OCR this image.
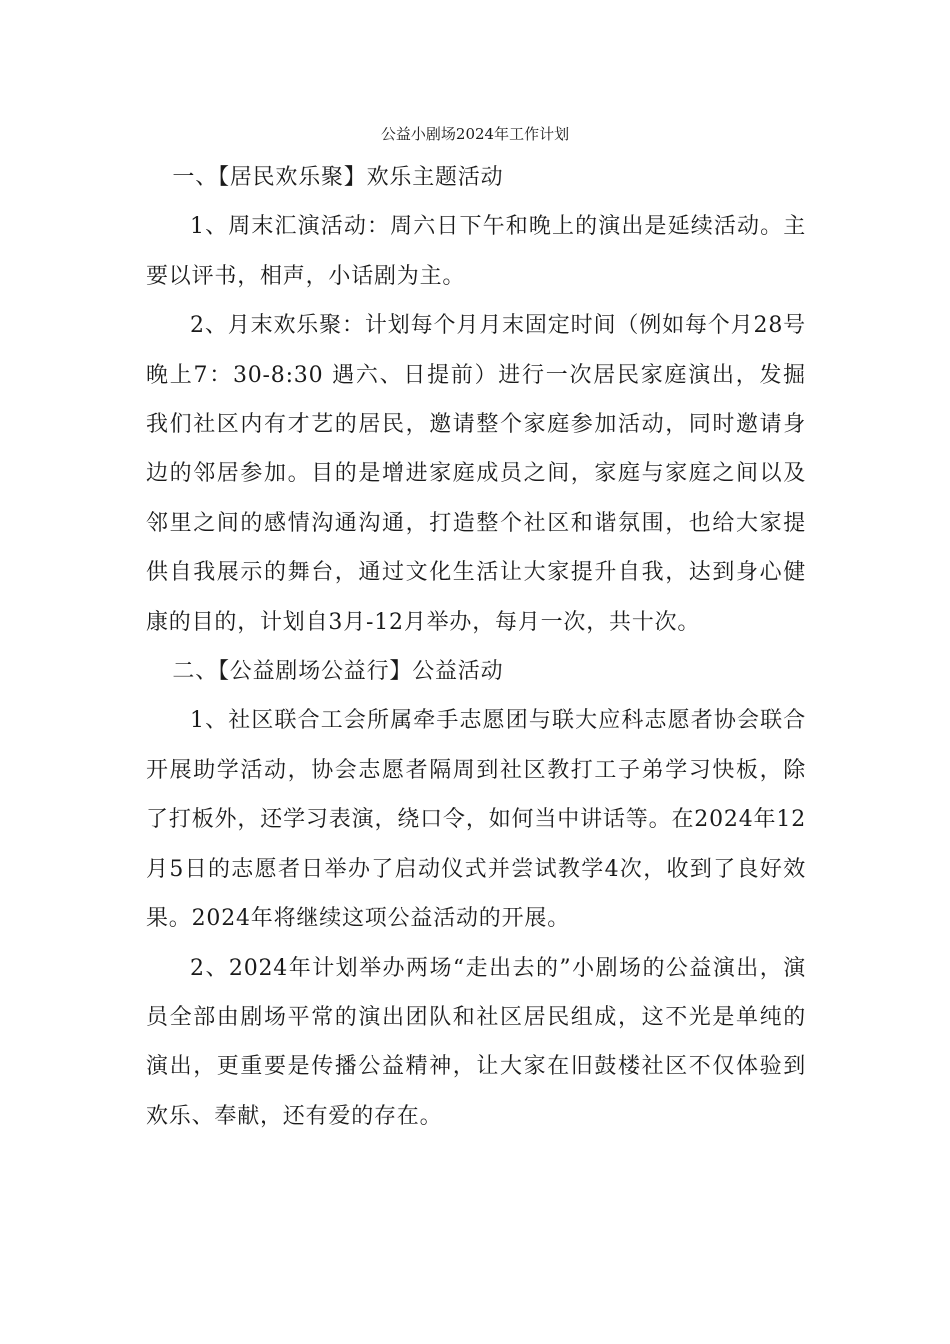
公益小剧场2024年工作计划
一、【居民欢乐聚】欢乐主题活动

1、周末汇演活动：周六日下午和晚上的演出是延续活动。主要以评书，相声，小话剧为主。

2、月末欢乐聚：计划每个月月末固定时间（例如每个月28号晚上7：30-8:30 遇六、日提前）进行一次居民家庭演出，发掘我们社区内有才艺的居民，邀请整个家庭参加活动，同时邀请身边的邻居参加。目的是增进家庭成员之间，家庭与家庭之间以及邻里之间的感情沟通沟通，打造整个社区和谐氛围，也给大家提供自我展示的舞台，通过文化生活让大家提升自我，达到身心健康的目的，计划自3月-12月举办，每月一次，共十次。

二、【公益剧场公益行】公益活动

1、社区联合工会所属牵手志愿团与联大应科志愿者协会联合开展助学活动，协会志愿者隔周到社区教打工子弟学习快板，除了打板外，还学习表演，绕口令，如何当中讲话等。在2024年12月5日的志愿者日举办了启动仪式并尝试教学4次，收到了良好效果。2024年将继续这项公益活动的开展。

2、2024年计划举办两场“走出去的”小剧场的公益演出，演员全部由剧场平常的演出团队和社区居民组成，这不光是单纯的演出，更重要是传播公益精神，让大家在旧鼓楼社区不仅体验到欢乐、奉献，还有爱的存在。
